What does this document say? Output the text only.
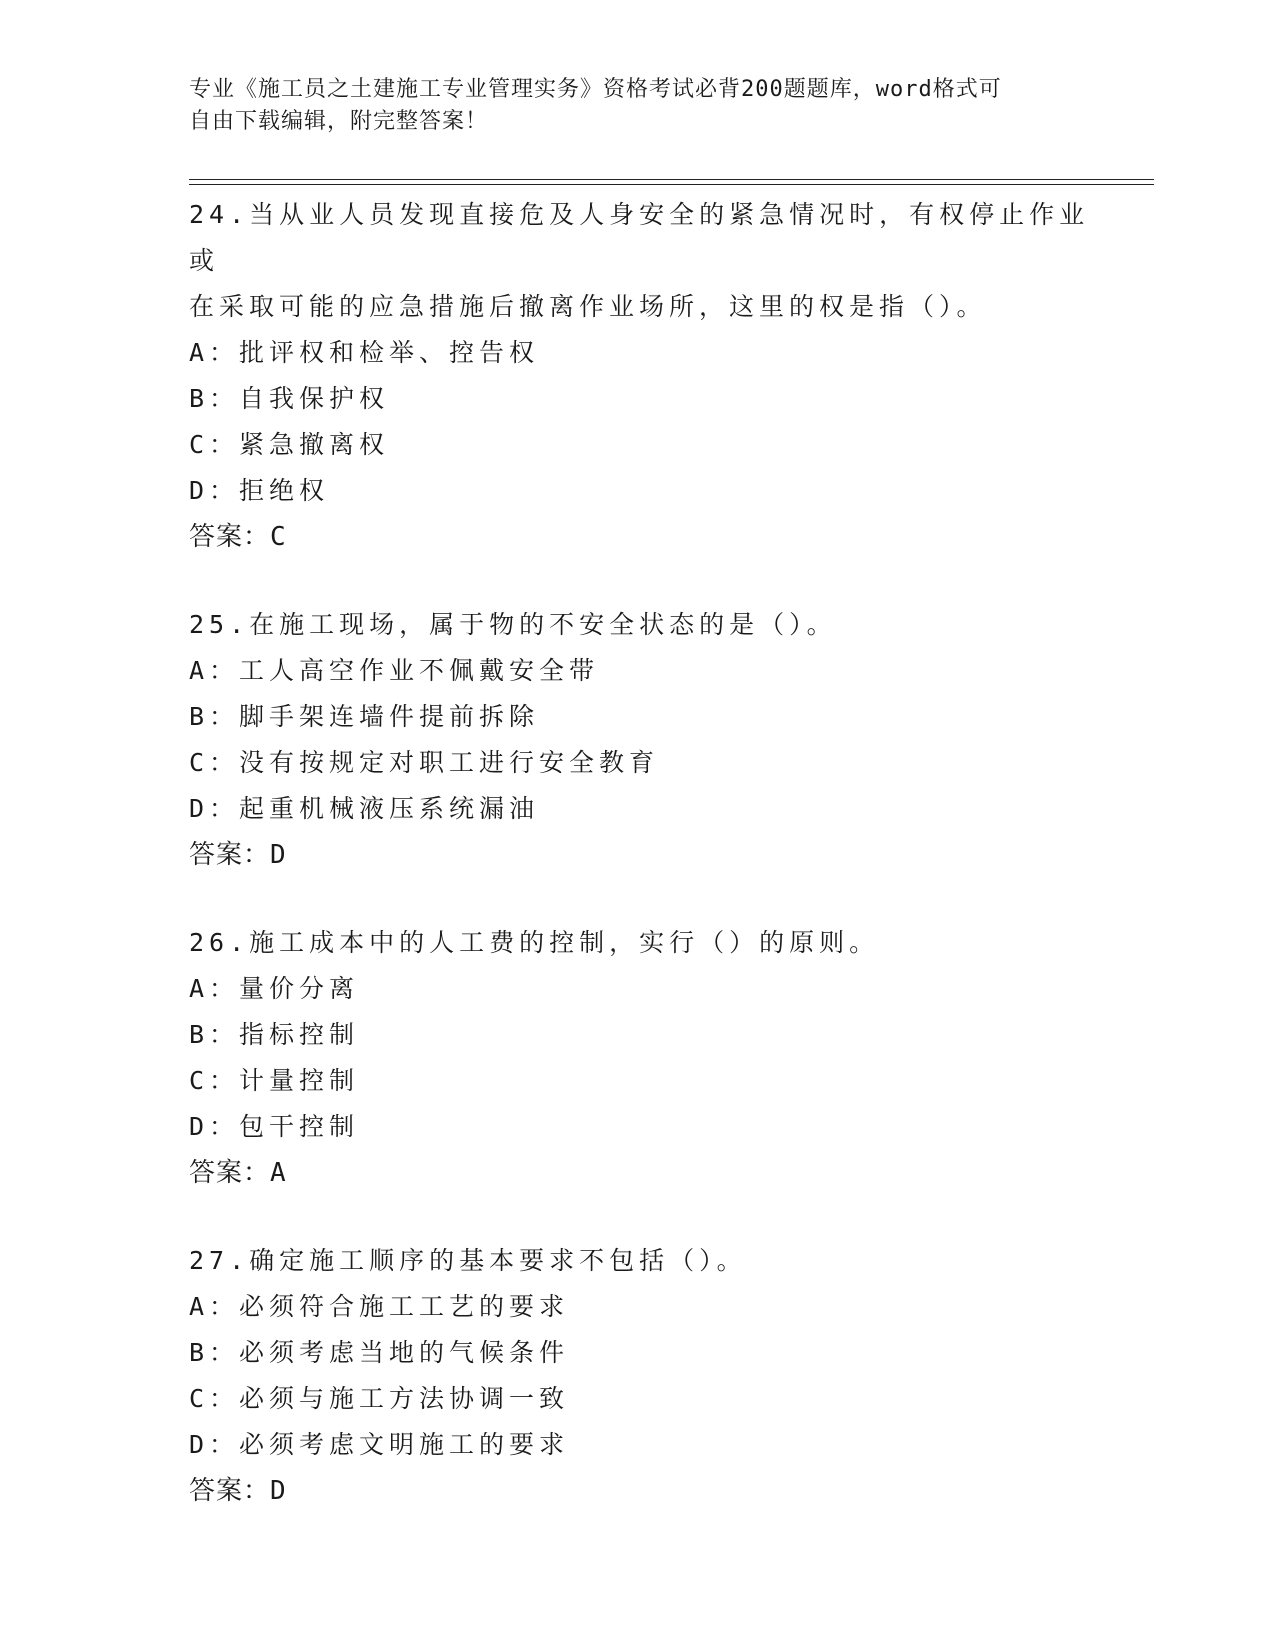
专业《施工员之土建施工专业管理实务》资格考试必背200题题库，word格式可
自由下载编辑，附完整答案！

24.当从业人员发现直接危及人身安全的紧急情况时，有权停止作业或

在采取可能的应急措施后撤离作业场所，这里的权是指（）。

A：批评权和检举、控告权

B：自我保护权

C：紧急撤离权

D：拒绝权

答案：C

25.在施工现场，属于物的不安全状态的是（）。

A：工人高空作业不佩戴安全带

B：脚手架连墙件提前拆除

C：没有按规定对职工进行安全教育

D：起重机械液压系统漏油

答案：D

26.施工成本中的人工费的控制，实行（）的原则。

A：量价分离

B：指标控制

C：计量控制

D：包干控制

答案：A

27.确定施工顺序的基本要求不包括（）。

A：必须符合施工工艺的要求

B：必须考虑当地的气候条件

C：必须与施工方法协调一致

D：必须考虑文明施工的要求

答案：D
